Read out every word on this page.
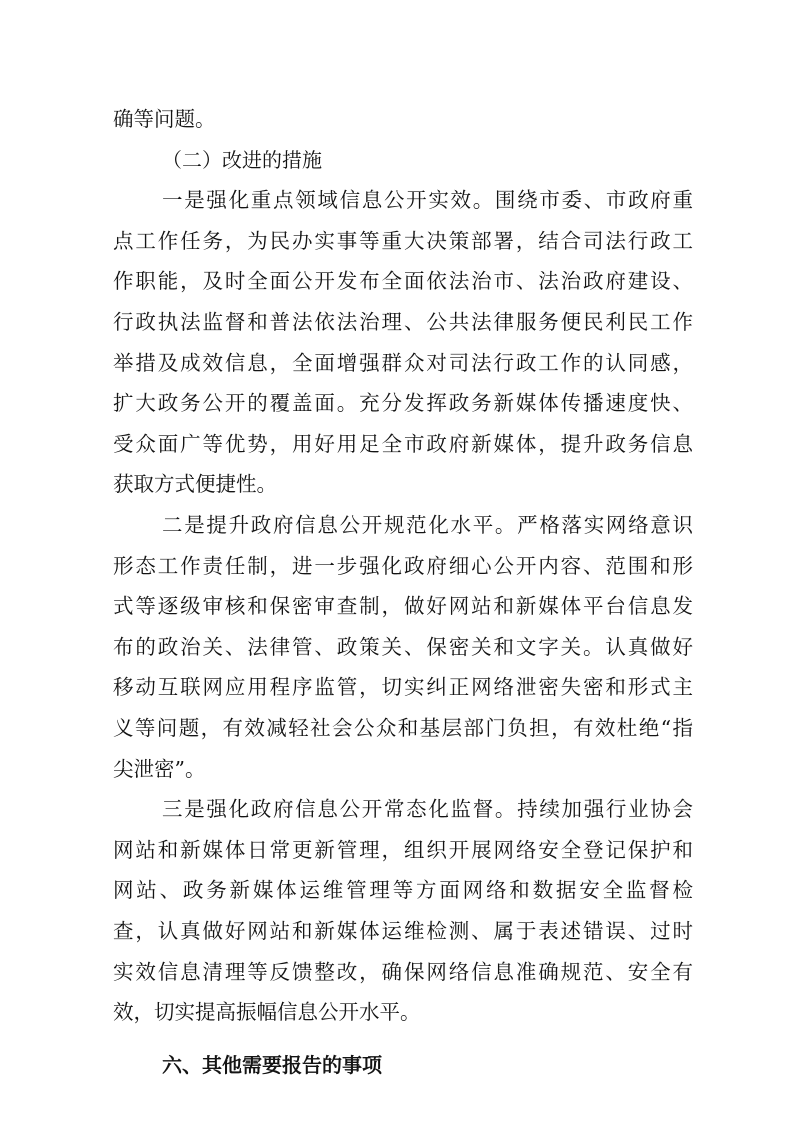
确等问题。
（二）改进的措施
一是强化重点领域信息公开实效。围绕市委、市政府重
点工作任务，为民办实事等重大决策部署，结合司法行政工
作职能，及时全面公开发布全面依法治市、法治政府建设、
行政执法监督和普法依法治理、公共法律服务便民利民工作
举措及成效信息，全面增强群众对司法行政工作的认同感，
扩大政务公开的覆盖面。充分发挥政务新媒体传播速度快、
受众面广等优势，用好用足全市政府新媒体，提升政务信息
获取方式便捷性。
二是提升政府信息公开规范化水平。严格落实网络意识
形态工作责任制，进一步强化政府细心公开内容、范围和形
式等逐级审核和保密审查制，做好网站和新媒体平台信息发
布的政治关、法律管、政策关、保密关和文字关。认真做好
移动互联网应用程序监管，切实纠正网络泄密失密和形式主
义等问题，有效减轻社会公众和基层部门负担，有效杜绝“指
尖泄密”。
三是强化政府信息公开常态化监督。持续加强行业协会
网站和新媒体日常更新管理，组织开展网络安全登记保护和
网站、政务新媒体运维管理等方面网络和数据安全监督检
查，认真做好网站和新媒体运维检测、属于表述错误、过时
实效信息清理等反馈整改，确保网络信息准确规范、安全有
效，切实提高振幅信息公开水平。
六、其他需要报告的事项
